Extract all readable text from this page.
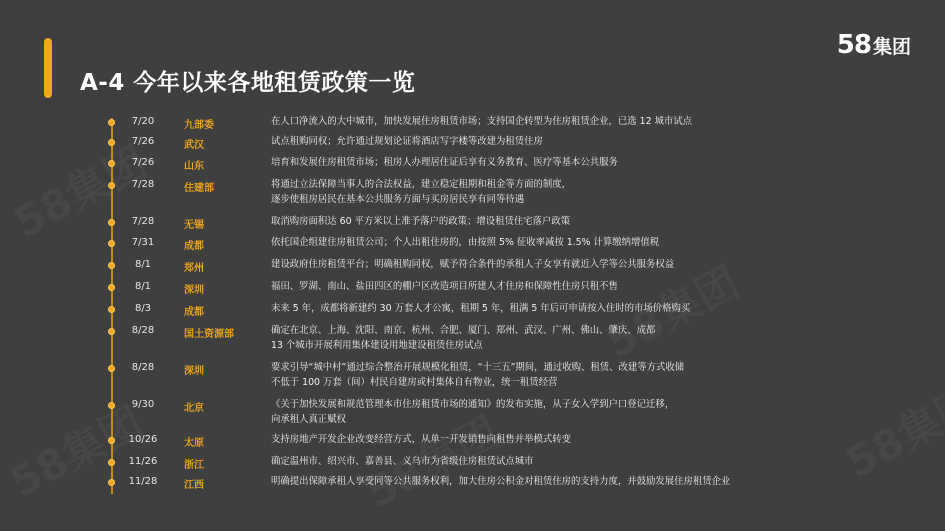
A-4 今年以来各地租赁政策一览
58 集团
7/20	九部委	在人口净流入的大中城市，加快发展住房租赁市场；支持国企转型为住房租赁企业，已选 12 城市试点
7/26	武汉	试点租购同权；允许通过规划论证将酒店写字楼等改建为租赁住房
7/26	山东	培育和发展住房租赁市场；租房人办理居住证后享有义务教育、医疗等基本公共服务
7/28	住建部	将通过立法保障当事人的合法权益，建立稳定租期和租金等方面的制度，
逐步使租房居民在基本公共服务方面与买房居民享有同等待遇
7/28	无锡	取消购房面积达 60 平方米以上准予落户的政策；增设租赁住宅落户政策
7/31	成都	依托国企组建住房租赁公司；个人出租住房的，由按照 5% 征收率减按 1.5% 计算缴纳增值税
8/1	郑州	建设政府住房租赁平台；明确租购同权，赋予符合条件的承租人子女享有就近入学等公共服务权益
8/1	深圳	福田、罗湖、南山、盐田四区的棚户区改造项目所建人才住房和保障性住房只租不售
8/3	成都	未来 5 年，成都将新建约 30 万套人才公寓，租期 5 年，租满 5 年后可申请按入住时的市场价格购买
8/28	国土资源部	确定在北京、上海、沈阳、南京、杭州、合肥、厦门、郑州、武汉、广州、佛山、肇庆、成都
13 个城市开展利用集体建设用地建设租赁住房试点
8/28	深圳	要求引导“城中村”通过综合整治开展规模化租赁，“十三五”期间，通过收购、租赁、改建等方式收储
不低于 100 万套（间）村民自建房或村集体自有物业，统一租赁经营
9/30	北京	《关于加快发展和规范管理本市住房租赁市场的通知》的发布实施，从子女入学到户口登记迁移，
向承租人真正赋权
10/26	太原	支持房地产开发企业改变经营方式，从单一开发销售向租售并举模式转变
11/26	浙江	确定温州市、绍兴市、嘉善县、义乌市为省级住房租赁试点城市
11/28	江西	明确提出保障承租人享受同等公共服务权利，加大住房公积金对租赁住房的支持力度，并鼓励发展住房租赁企业
